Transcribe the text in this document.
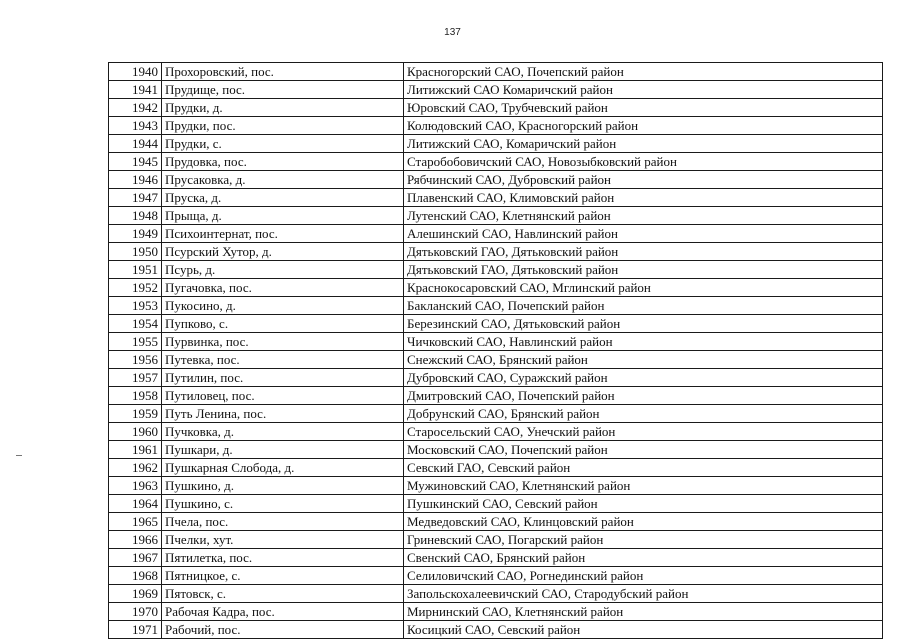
137
1940	Прохоровский, пос.	Красногорский САО, Почепский район
1941	Прудище, пос.	Литижский САО Комаричский район
1942	Прудки, д.	Юровский САО, Трубчевский район
1943	Прудки, пос.	Колюдовский САО, Красногорский район
1944	Прудки, с.	Литижский САО, Комаричский район
1945	Прудовка, пос.	Старобобовичский САО, Новозыбковский район
1946	Прусаковка, д.	Рябчинский САО, Дубровский район
1947	Пруска, д.	Плавенский САО, Климовский район
1948	Прыща, д.	Лутенский САО, Клетнянский район
1949	Психоинтернат, пос.	Алешинский САО, Навлинский район
1950	Псурский Хутор, д.	Дятьковский ГАО, Дятьковский район
1951	Псурь, д.	Дятьковский ГАО, Дятьковский район
1952	Пугачовка, пос.	Краснокосаровский САО, Мглинский район
1953	Пукосино, д.	Бакланский САО, Почепский район
1954	Пупково, с.	Березинский САО, Дятьковский район
1955	Пурвинка, пос.	Чичковский САО, Навлинский район
1956	Путевка, пос.	Снежский САО, Брянский район
1957	Путилин, пос.	Дубровский САО, Суражский район
1958	Путиловец, пос.	Дмитровский САО, Почепский район
1959	Путь Ленина, пос.	Добрунский САО, Брянский район
1960	Пучковка, д.	Старосельский САО, Унечский район
1961	Пушкари, д.	Московский САО, Почепский район
1962	Пушкарная Слобода, д.	Севский ГАО, Севский район
1963	Пушкино, д.	Мужиновский САО, Клетнянский район
1964	Пушкино, с.	Пушкинский САО, Севский район
1965	Пчела, пос.	Медведовский САО, Клинцовский район
1966	Пчелки, хут.	Гриневский САО, Погарский район
1967	Пятилетка, пос.	Свенский САО, Брянский район
1968	Пятницкое, с.	Селиловичский САО, Рогнединский район
1969	Пятовск, с.	Запольскохалеевичский САО, Стародубский район
1970	Рабочая Кадра, пос.	Мирнинский САО, Клетнянский район
1971	Рабочий, пос.	Косицкий САО, Севский район
